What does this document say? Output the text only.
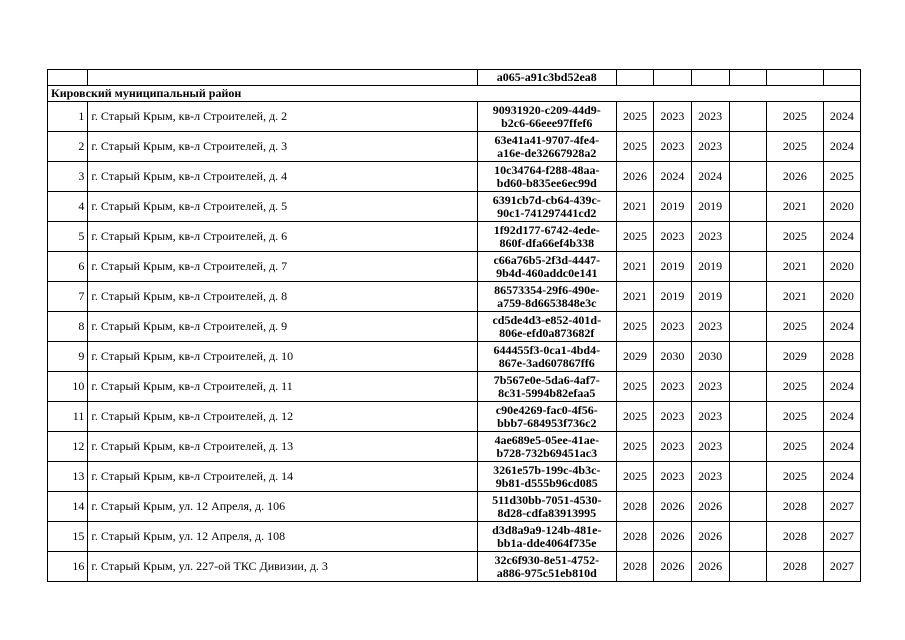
		a065-a91c3bd52ea8						
Кировский муниципальный район								
1	г. Старый Крым, кв-л Строителей, д. 2	90931920-c209-44d9-
b2c6-66eee97ffef6	2025	2023	2023		2025	2024
2	г. Старый Крым, кв-л Строителей, д. 3	63e41a41-9707-4fe4-
a16e-de32667928a2	2025	2023	2023		2025	2024
3	г. Старый Крым, кв-л Строителей, д. 4	10c34764-f288-48aa-
bd60-b835ee6ec99d	2026	2024	2024		2026	2025
4	г. Старый Крым, кв-л Строителей, д. 5	6391cb7d-cb64-439c-
90c1-741297441cd2	2021	2019	2019		2021	2020
5	г. Старый Крым, кв-л Строителей, д. 6	1f92d177-6742-4ede-
860f-dfa66ef4b338	2025	2023	2023		2025	2024
6	г. Старый Крым, кв-л Строителей, д. 7	c66a76b5-2f3d-4447-
9b4d-460addc0e141	2021	2019	2019		2021	2020
7	г. Старый Крым, кв-л Строителей, д. 8	86573354-29f6-490e-
a759-8d6653848e3c	2021	2019	2019		2021	2020
8	г. Старый Крым, кв-л Строителей, д. 9	cd5de4d3-e852-401d-
806e-efd0a873682f	2025	2023	2023		2025	2024
9	г. Старый Крым, кв-л Строителей, д. 10	644455f3-0ca1-4bd4-
867e-3ad607867ff6	2029	2030	2030		2029	2028
10	г. Старый Крым, кв-л Строителей, д. 11	7b567e0e-5da6-4af7-
8c31-5994b82efaa5	2025	2023	2023		2025	2024
11	г. Старый Крым, кв-л Строителей, д. 12	c90e4269-fac0-4f56-
bbb7-684953f736c2	2025	2023	2023		2025	2024
12	г. Старый Крым, кв-л Строителей, д. 13	4ae689e5-05ee-41ae-
b728-732b69451ac3	2025	2023	2023		2025	2024
13	г. Старый Крым, кв-л Строителей, д. 14	3261e57b-199c-4b3c-
9b81-d555b96cd085	2025	2023	2023		2025	2024
14	г. Старый Крым, ул. 12 Апреля, д. 106	511d30bb-7051-4530-
8d28-cdfa83913995	2028	2026	2026		2028	2027
15	г. Старый Крым, ул. 12 Апреля, д. 108	d3d8a9a9-124b-481e-
bb1a-dde4064f735e	2028	2026	2026		2028	2027
16	г. Старый Крым, ул. 227-ой ТКС Дивизии, д. 3	32c6f930-8e51-4752-
a886-975c51eb810d	2028	2026	2026		2028	2027
